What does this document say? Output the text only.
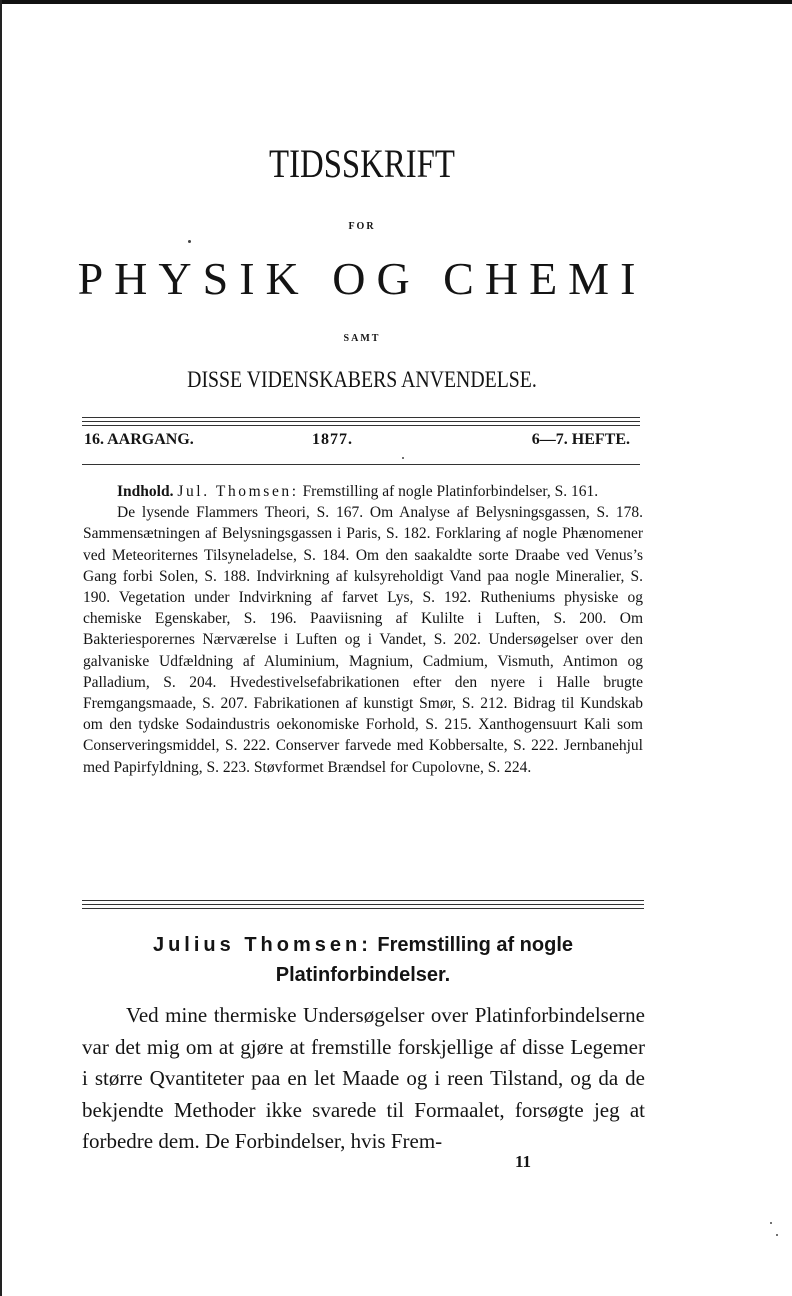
TIDSSKRIFT
FOR
PHYSIK OG CHEMI
SAMT
DISSE VIDENSKABERS ANVENDELSE.
16. AARGANG.	1877.	6—7. HEFTE.

Indhold. Jul. Thomsen: Fremstilling af nogle Platinforbindelser, S. 161.

De lysende Flammers Theori, S. 167. Om Analyse af Belysningsgassen, S. 178. Sammensætningen af Belysningsgassen i Paris, S. 182. Forklaring af nogle Phænomener ved Meteoriternes Tilsyneladelse, S. 184. Om den saakaldte sorte Draabe ved Venus’s Gang forbi Solen, S. 188. Indvirkning af kulsyreholdigt Vand paa nogle Mineralier, S. 190. Vegetation under Indvirkning af farvet Lys, S. 192. Rutheniums physiske og chemiske Egenskaber, S. 196. Paaviisning af Kulilte i Luften, S. 200. Om Bakteriesporernes Nærværelse i Luften og i Vandet, S. 202. Undersøgelser over den galvaniske Udfældning af Aluminium, Magnium, Cadmium, Vismuth, Antimon og Palladium, S. 204. Hvedestivelsefabrikationen efter den nyere i Halle brugte Fremgangsmaade, S. 207. Fabrikationen af kunstigt Smør, S. 212. Bidrag til Kundskab om den tydske Sodaindustris oekonomiske Forhold, S. 215. Xanthogensuurt Kali som Conserveringsmiddel, S. 222. Conserver farvede med Kobbersalte, S. 222. Jernbanehjul med Papirfyldning, S. 223. Støvformet Brændsel for Cupolovne, S. 224.

Julius Thomsen: Fremstilling af nogle Platinforbindelser.

Ved mine thermiske Undersøgelser over Platinforbindelserne var det mig om at gjøre at fremstille forskjellige af disse Legemer i større Qvantiteter paa en let Maade og i reen Tilstand, og da de bekjendte Methoder ikke svarede til Formaalet, forsøgte jeg at forbedre dem. De Forbindelser, hvis Frem-

11
